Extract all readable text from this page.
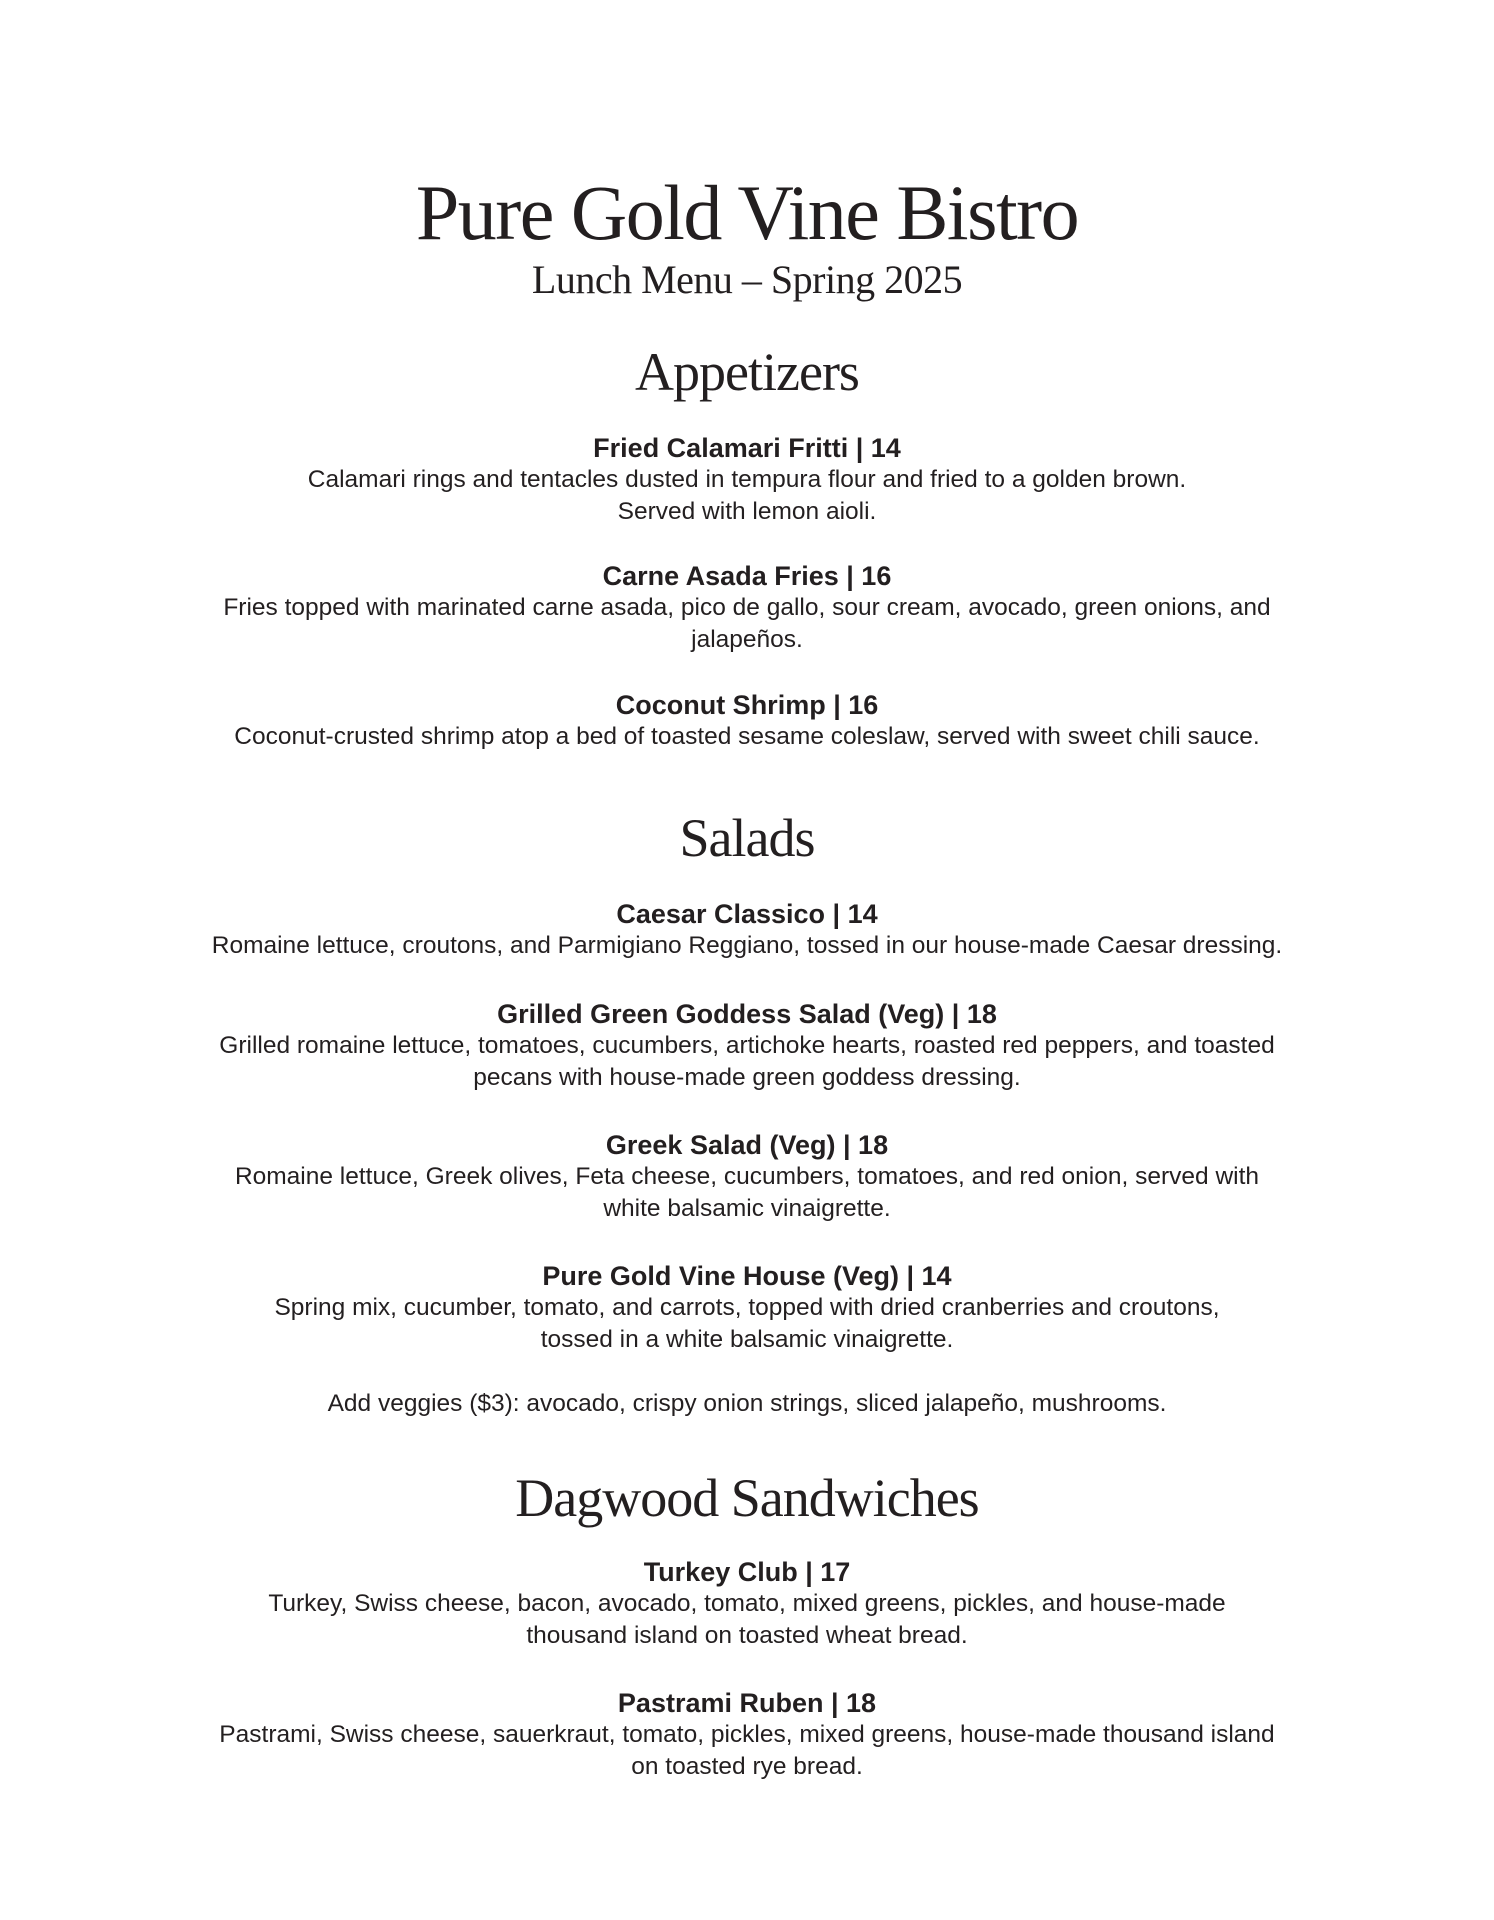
Pure Gold Vine Bistro
Lunch Menu – Spring 2025
Appetizers
Fried Calamari Fritti | 14
Calamari rings and tentacles dusted in tempura flour and fried to a golden brown.
Served with lemon aioli.
Carne Asada Fries | 16
Fries topped with marinated carne asada, pico de gallo, sour cream, avocado, green onions, and
jalapeños.
Coconut Shrimp | 16
Coconut-crusted shrimp atop a bed of toasted sesame coleslaw, served with sweet chili sauce.
Salads
Caesar Classico | 14
Romaine lettuce, croutons, and Parmigiano Reggiano, tossed in our house-made Caesar dressing.
Grilled Green Goddess Salad (Veg) | 18
Grilled romaine lettuce, tomatoes, cucumbers, artichoke hearts, roasted red peppers, and toasted
pecans with house-made green goddess dressing.
Greek Salad (Veg) | 18
Romaine lettuce, Greek olives, Feta cheese, cucumbers, tomatoes, and red onion, served with
white balsamic vinaigrette.
Pure Gold Vine House (Veg) | 14
Spring mix, cucumber, tomato, and carrots, topped with dried cranberries and croutons,
tossed in a white balsamic vinaigrette.
Add veggies ($3): avocado, crispy onion strings, sliced jalapeño, mushrooms.
Dagwood Sandwiches
Turkey Club | 17
Turkey, Swiss cheese, bacon, avocado, tomato, mixed greens, pickles, and house-made
thousand island on toasted wheat bread.
Pastrami Ruben | 18
Pastrami, Swiss cheese, sauerkraut, tomato, pickles, mixed greens, house-made thousand island
on toasted rye bread.
